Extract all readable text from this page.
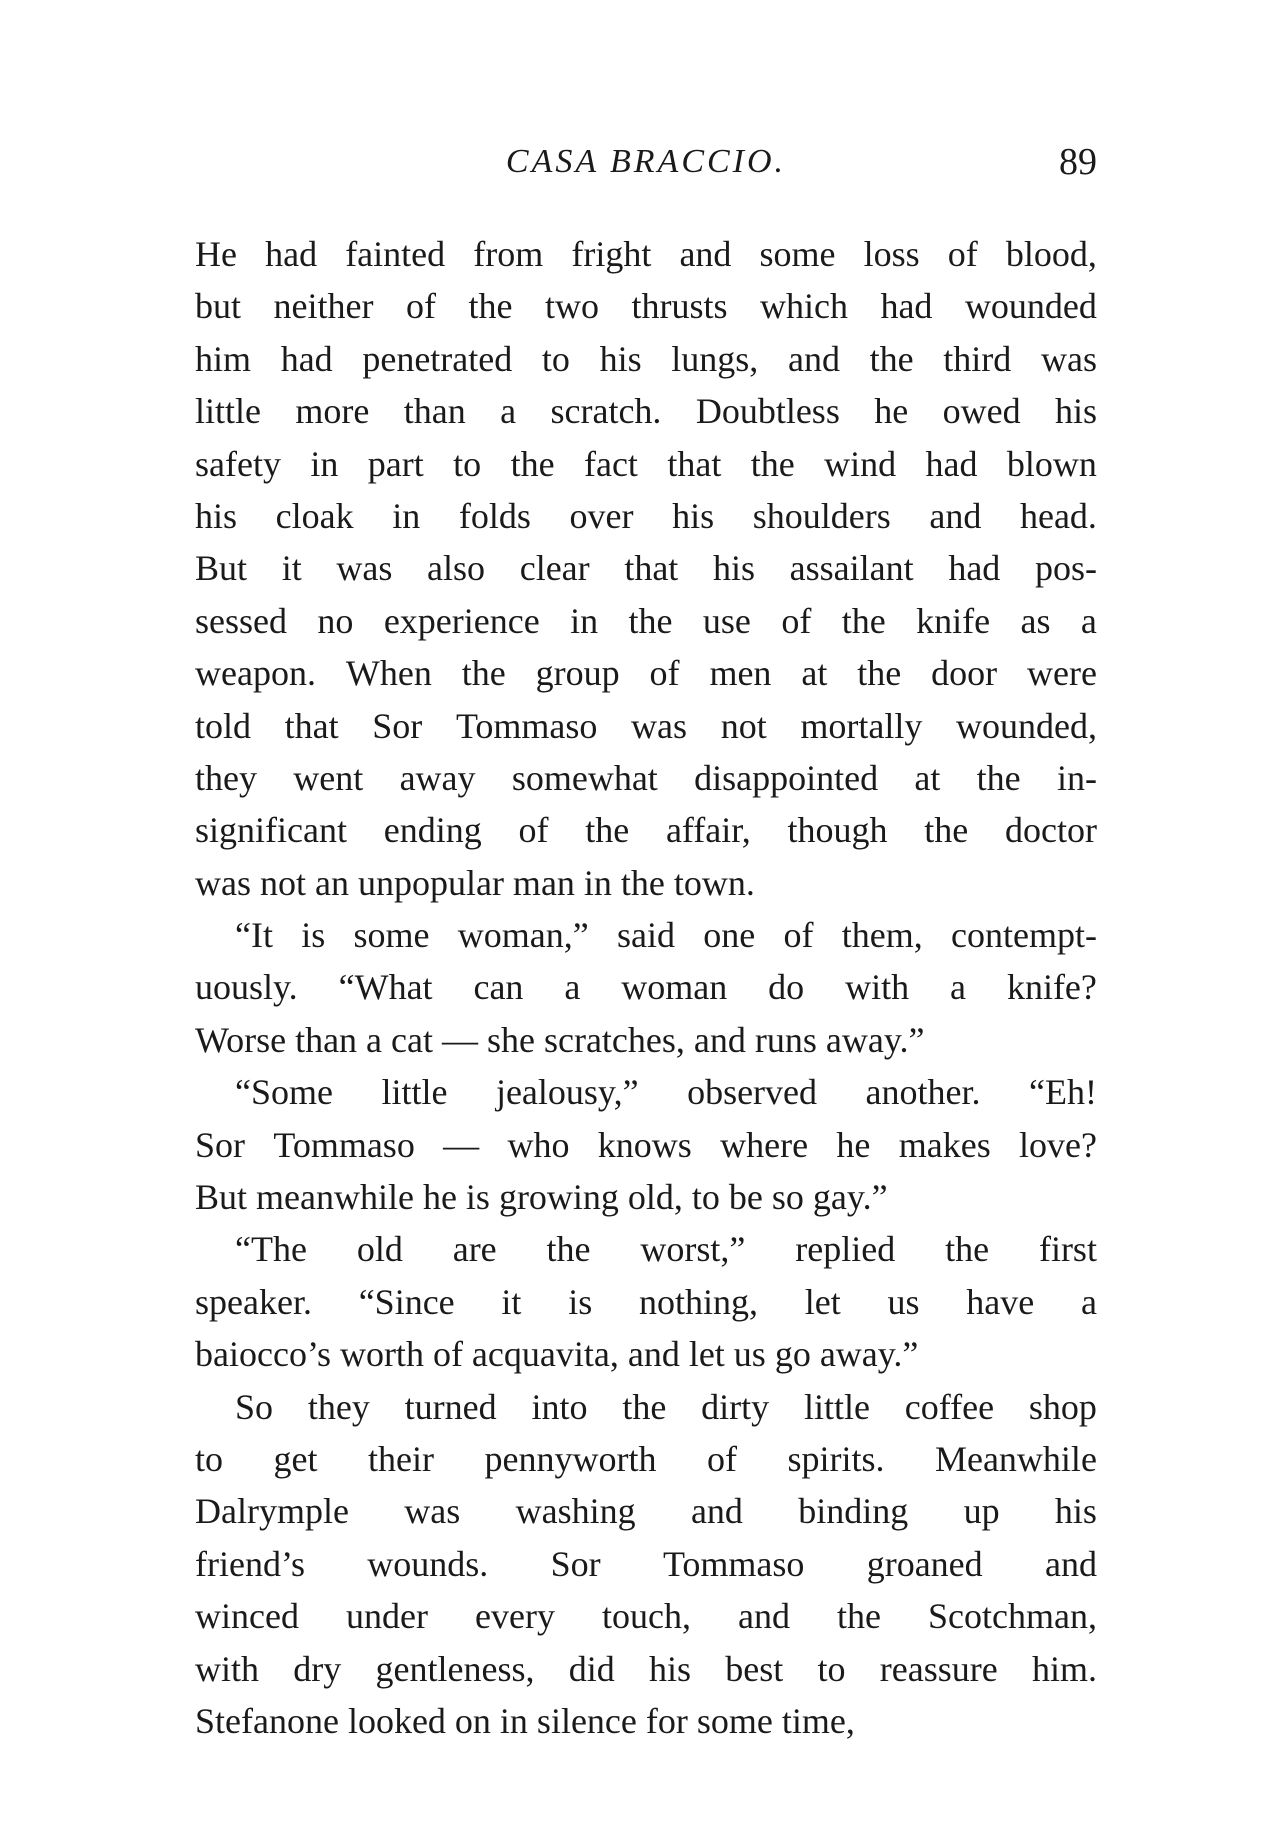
CASA BRACCIO.	89
He had fainted from fright and some loss of blood,
but neither of the two thrusts which had wounded
him had penetrated to his lungs, and the third was
little more than a scratch. Doubtless he owed his
safety in part to the fact that the wind had blown
his cloak in folds over his shoulders and head.
But it was also clear that his assailant had pos-
sessed no experience in the use of the knife as a
weapon. When the group of men at the door were
told that Sor Tommaso was not mortally wounded,
they went away somewhat disappointed at the in-
significant ending of the affair, though the doctor
was not an unpopular man in the town.
“It is some woman,” said one of them, contempt-
uously. “What can a woman do with a knife?
Worse than a cat — she scratches, and runs away.”
“Some little jealousy,” observed another. “Eh!
Sor Tommaso — who knows where he makes love?
But meanwhile he is growing old, to be so gay.”
“The old are the worst,” replied the first
speaker. “Since it is nothing, let us have a
baiocco’s worth of acquavita, and let us go away.”
So they turned into the dirty little coffee shop
to get their pennyworth of spirits. Meanwhile
Dalrymple was washing and binding up his
friend’s wounds. Sor Tommaso groaned and
winced under every touch, and the Scotchman,
with dry gentleness, did his best to reassure him.
Stefanone looked on in silence for some time,
